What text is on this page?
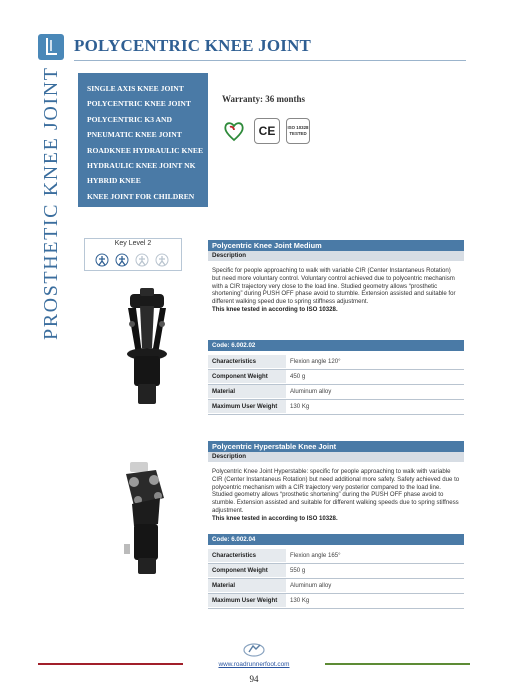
POLYCENTRIC KNEE JOINT
PROSTHETIC KNEE JOINT	SINGLE AXIS KNEE JOINT
POLYCENTRIC KNEE JOINT
POLYCENTRIC K3 AND
PNEUMATIC KNEE JOINT
ROADKNEE HYDRAULIC KNEE
HYDRAULIC KNEE JOINT NK
HYBRID KNEE
KNEE JOINT FOR CHILDREN
Warranty: 36 months
CE	ISO 10328 TESTED
Key Level 2	Polycentric Knee Joint Medium
Description
Specific for people approaching to walk with variable CIR (Center Instantaneus Rotation) but need more voluntary control. Voluntary control achieved due to polycentric mechanism with a CIR trajectory very close to the load line. Studied geometry allows “prosthetic shortening” during PUSH OFF phase avoid to stumble. Extension assisted and suitable for different walking speed due to spring stiffness adjustment.
This knee tested in according to ISO 10328.
Code: 6.002.02
Characteristics	Flexion angle 120°
Component Weight	450 g
Material	Aluminum alloy
Maximum User Weight	130 Kg
Polycentric Hyperstable Knee Joint
Description
Polycentric Knee Joint Hyperstable: specific for people approaching to walk with variable CIR (Center Instantaneus Rotation) but need additional more safety. Safety achieved due to polycentric mechanism with a CIR trajectory very posterior compared to the load line. Studied geometry allows “prosthetic shortening” during the PUSH OFF phase avoid to stumble. Extension assisted and suitable for different walking speeds due to spring stiffness adjustment.
This knee tested in according to ISO 10328.
Code: 6.002.04
Characteristics	Flexion angle 165°
Component Weight	550 g
Material	Aluminum alloy
Maximum User Weight	130 Kg
www.roadrunnerfoot.com
94
